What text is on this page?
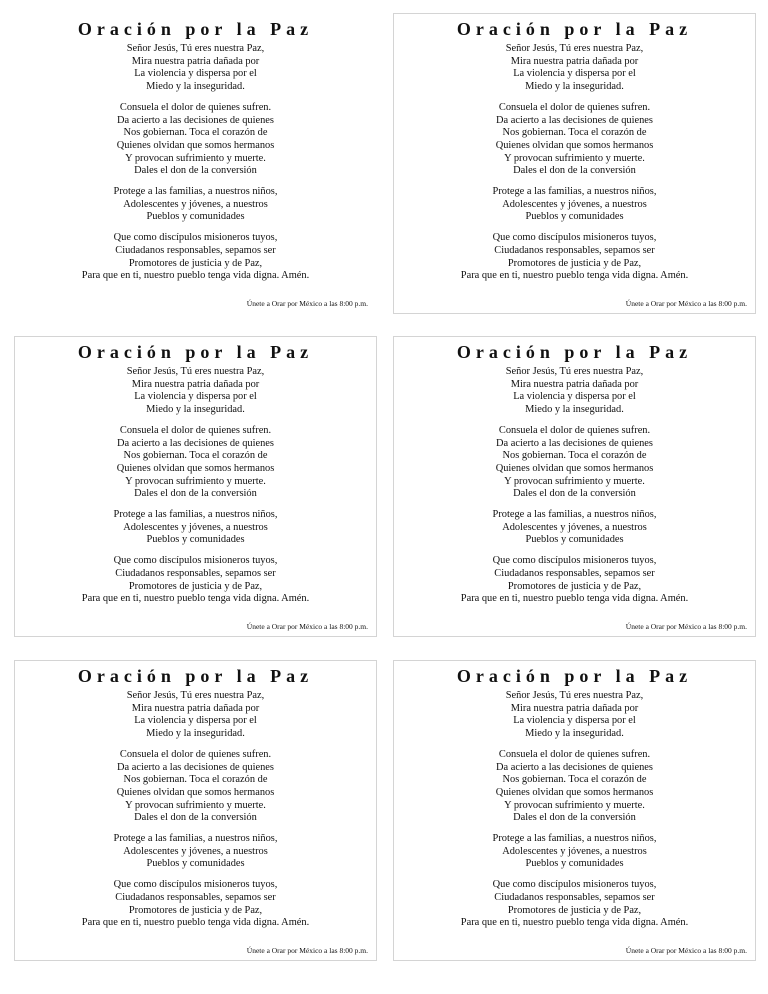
Oración por la Paz
Señor Jesús, Tú eres nuestra Paz,
Mira nuestra patria dañada por
La violencia y dispersa por el
Miedo y la inseguridad.
Consuela el dolor de quienes sufren.
Da acierto a las decisiones de quienes
Nos gobiernan. Toca el corazón de
Quienes olvidan que somos hermanos
Y provocan sufrimiento y muerte.
Dales el don de la conversión
Protege a las familias, a nuestros niños,
Adolescentes y jóvenes, a nuestros
Pueblos y comunidades
Que como discípulos misioneros tuyos,
Ciudadanos responsables, sepamos ser
Promotores de justicia y de Paz,
Para que en ti, nuestro pueblo tenga vida digna. Amén.
Únete a Orar por México a las 8:00 p.m.
Oración por la Paz
Señor Jesús, Tú eres nuestra Paz,
Mira nuestra patria dañada por
La violencia y dispersa por el
Miedo y la inseguridad.
Consuela el dolor de quienes sufren.
Da acierto a las decisiones de quienes
Nos gobiernan. Toca el corazón de
Quienes olvidan que somos hermanos
Y provocan sufrimiento y muerte.
Dales el don de la conversión
Protege a las familias, a nuestros niños,
Adolescentes y jóvenes, a nuestros
Pueblos y comunidades
Que como discípulos misioneros tuyos,
Ciudadanos responsables, sepamos ser
Promotores de justicia y de Paz,
Para que en ti, nuestro pueblo tenga vida digna. Amén.
Únete a Orar por México a las 8:00 p.m.
Oración por la Paz
Señor Jesús, Tú eres nuestra Paz,
Mira nuestra patria dañada por
La violencia y dispersa por el
Miedo y la inseguridad.
Consuela el dolor de quienes sufren.
Da acierto a las decisiones de quienes
Nos gobiernan. Toca el corazón de
Quienes olvidan que somos hermanos
Y provocan sufrimiento y muerte.
Dales el don de la conversión
Protege a las familias, a nuestros niños,
Adolescentes y jóvenes, a nuestros
Pueblos y comunidades
Que como discípulos misioneros tuyos,
Ciudadanos responsables, sepamos ser
Promotores de justicia y de Paz,
Para que en ti, nuestro pueblo tenga vida digna. Amén.
Únete a Orar por México a las 8:00 p.m.
Oración por la Paz
Señor Jesús, Tú eres nuestra Paz,
Mira nuestra patria dañada por
La violencia y dispersa por el
Miedo y la inseguridad.
Consuela el dolor de quienes sufren.
Da acierto a las decisiones de quienes
Nos gobiernan. Toca el corazón de
Quienes olvidan que somos hermanos
Y provocan sufrimiento y muerte.
Dales el don de la conversión
Protege a las familias, a nuestros niños,
Adolescentes y jóvenes, a nuestros
Pueblos y comunidades
Que como discípulos misioneros tuyos,
Ciudadanos responsables, sepamos ser
Promotores de justicia y de Paz,
Para que en ti, nuestro pueblo tenga vida digna. Amén.
Únete a Orar por México a las 8:00 p.m.
Oración por la Paz
Señor Jesús, Tú eres nuestra Paz,
Mira nuestra patria dañada por
La violencia y dispersa por el
Miedo y la inseguridad.
Consuela el dolor de quienes sufren.
Da acierto a las decisiones de quienes
Nos gobiernan. Toca el corazón de
Quienes olvidan que somos hermanos
Y provocan sufrimiento y muerte.
Dales el don de la conversión
Protege a las familias, a nuestros niños,
Adolescentes y jóvenes, a nuestros
Pueblos y comunidades
Que como discípulos misioneros tuyos,
Ciudadanos responsables, sepamos ser
Promotores de justicia y de Paz,
Para que en ti, nuestro pueblo tenga vida digna. Amén.
Únete a Orar por México a las 8:00 p.m.
Oración por la Paz
Señor Jesús, Tú eres nuestra Paz,
Mira nuestra patria dañada por
La violencia y dispersa por el
Miedo y la inseguridad.
Consuela el dolor de quienes sufren.
Da acierto a las decisiones de quienes
Nos gobiernan. Toca el corazón de
Quienes olvidan que somos hermanos
Y provocan sufrimiento y muerte.
Dales el don de la conversión
Protege a las familias, a nuestros niños,
Adolescentes y jóvenes, a nuestros
Pueblos y comunidades
Que como discípulos misioneros tuyos,
Ciudadanos responsables, sepamos ser
Promotores de justicia y de Paz,
Para que en ti, nuestro pueblo tenga vida digna. Amén.
Únete a Orar por México a las 8:00 p.m.
